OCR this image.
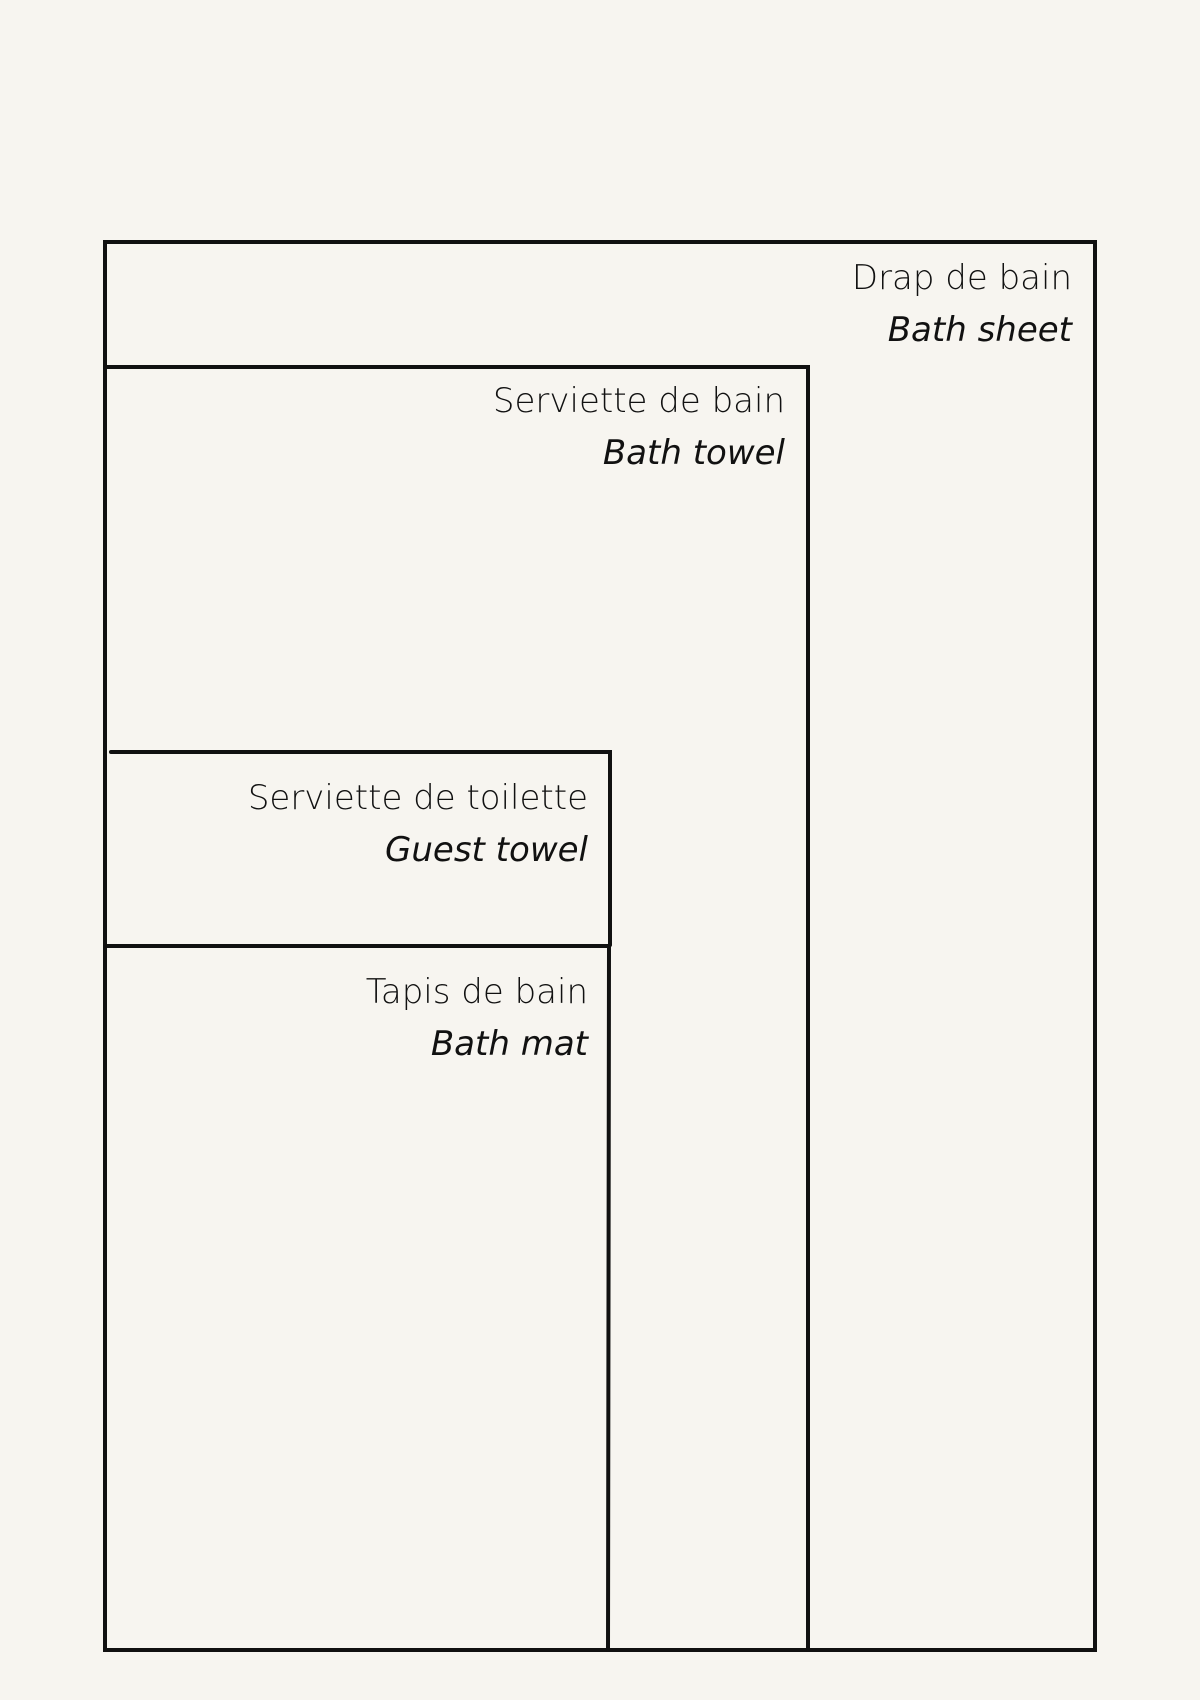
Drap de bain
Bath sheet
Serviette de bain
Bath towel
Serviette de toilette
Guest towel
Tapis de bain
Bath mat
